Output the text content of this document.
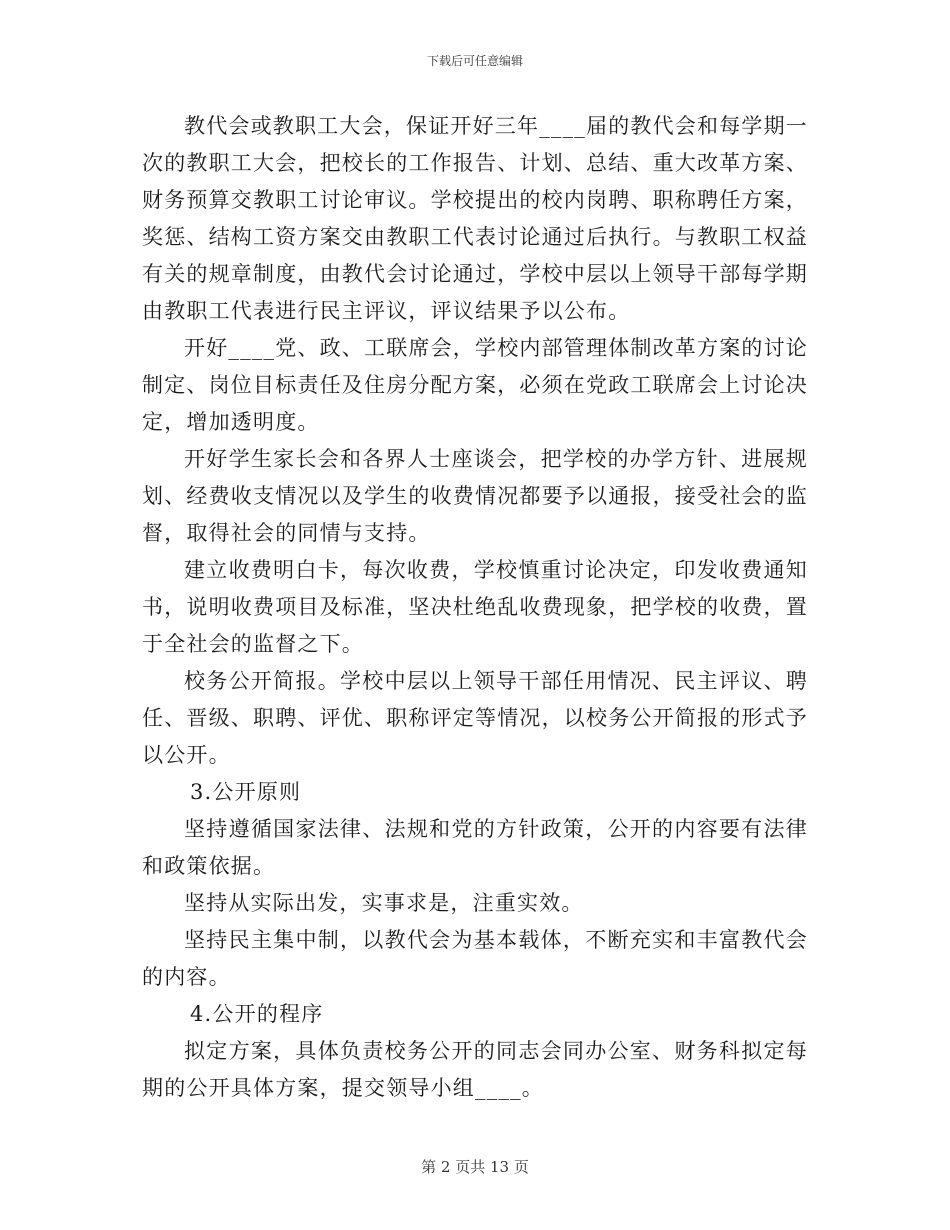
下载后可任意编辑

教代会或教职工大会，保证开好三年____届的教代会和每学期一次的教职工大会，把校长的工作报告、计划、总结、重大改革方案、财务预算交教职工讨论审议。学校提出的校内岗聘、职称聘任方案，奖惩、结构工资方案交由教职工代表讨论通过后执行。与教职工权益有关的规章制度，由教代会讨论通过，学校中层以上领导干部每学期由教职工代表进行民主评议，评议结果予以公布。

开好____党、政、工联席会，学校内部管理体制改革方案的讨论制定、岗位目标责任及住房分配方案，必须在党政工联席会上讨论决定，增加透明度。

开好学生家长会和各界人士座谈会，把学校的办学方针、进展规划、经费收支情况以及学生的收费情况都要予以通报，接受社会的监督，取得社会的同情与支持。

建立收费明白卡，每次收费，学校慎重讨论决定，印发收费通知书，说明收费项目及标准，坚决杜绝乱收费现象，把学校的收费，置于全社会的监督之下。

校务公开简报。学校中层以上领导干部任用情况、民主评议、聘任、晋级、职聘、评优、职称评定等情况，以校务公开简报的形式予以公开。

3.公开原则

坚持遵循国家法律、法规和党的方针政策，公开的内容要有法律和政策依据。

坚持从实际出发，实事求是，注重实效。

坚持民主集中制，以教代会为基本载体，不断充实和丰富教代会的内容。

4.公开的程序

拟定方案，具体负责校务公开的同志会同办公室、财务科拟定每期的公开具体方案，提交领导小组____。

第 2 页共 13 页
